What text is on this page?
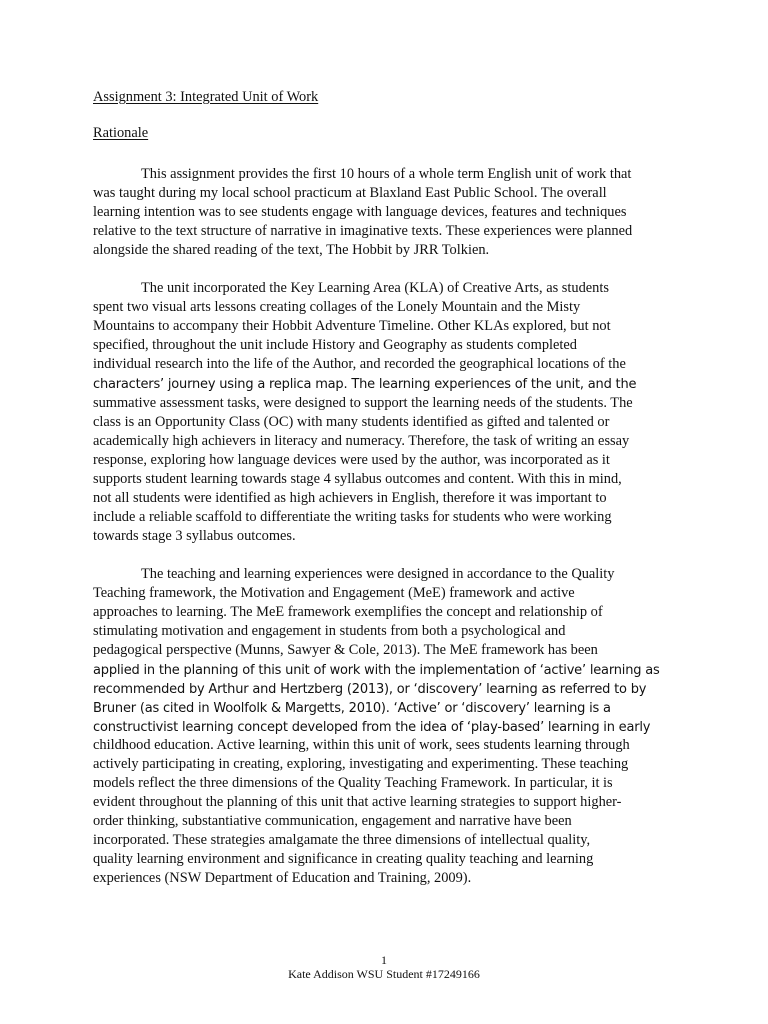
Assignment 3: Integrated Unit of Work
Rationale
This assignment provides the first 10 hours of a whole term English unit of work that
was taught during my local school practicum at Blaxland East Public School. The overall
learning intention was to see students engage with language devices, features and techniques
relative to the text structure of narrative in imaginative texts. These experiences were planned
alongside the shared reading of the text, The Hobbit by JRR Tolkien.
The unit incorporated the Key Learning Area (KLA) of Creative Arts, as students
spent two visual arts lessons creating collages of the Lonely Mountain and the Misty
Mountains to accompany their Hobbit Adventure Timeline. Other KLAs explored, but not
specified, throughout the unit include History and Geography as students completed
individual research into the life of the Author, and recorded the geographical locations of the
characters’ journey using a replica map. The learning experiences of the unit, and the
summative assessment tasks, were designed to support the learning needs of the students. The
class is an Opportunity Class (OC) with many students identified as gifted and talented or
academically high achievers in literacy and numeracy. Therefore, the task of writing an essay
response, exploring how language devices were used by the author, was incorporated as it
supports student learning towards stage 4 syllabus outcomes and content. With this in mind,
not all students were identified as high achievers in English, therefore it was important to
include a reliable scaffold to differentiate the writing tasks for students who were working
towards stage 3 syllabus outcomes.
The teaching and learning experiences were designed in accordance to the Quality
Teaching framework, the Motivation and Engagement (MeE) framework and active
approaches to learning. The MeE framework exemplifies the concept and relationship of
stimulating motivation and engagement in students from both a psychological and
pedagogical perspective (Munns, Sawyer & Cole, 2013). The MeE framework has been
applied in the planning of this unit of work with the implementation of ‘active’ learning as
recommended by Arthur and Hertzberg (2013), or ‘discovery’ learning as referred to by
Bruner (as cited in Woolfolk & Margetts, 2010). ‘Active’ or ‘discovery’ learning is a
constructivist learning concept developed from the idea of ‘play-based’ learning in early
childhood education. Active learning, within this unit of work, sees students learning through
actively participating in creating, exploring, investigating and experimenting. These teaching
models reflect the three dimensions of the Quality Teaching Framework. In particular, it is
evident throughout the planning of this unit that active learning strategies to support higher-
order thinking, substantiative communication, engagement and narrative have been
incorporated. These strategies amalgamate the three dimensions of intellectual quality,
quality learning environment and significance in creating quality teaching and learning
experiences (NSW Department of Education and Training, 2009).
1
Kate Addison WSU Student #17249166
